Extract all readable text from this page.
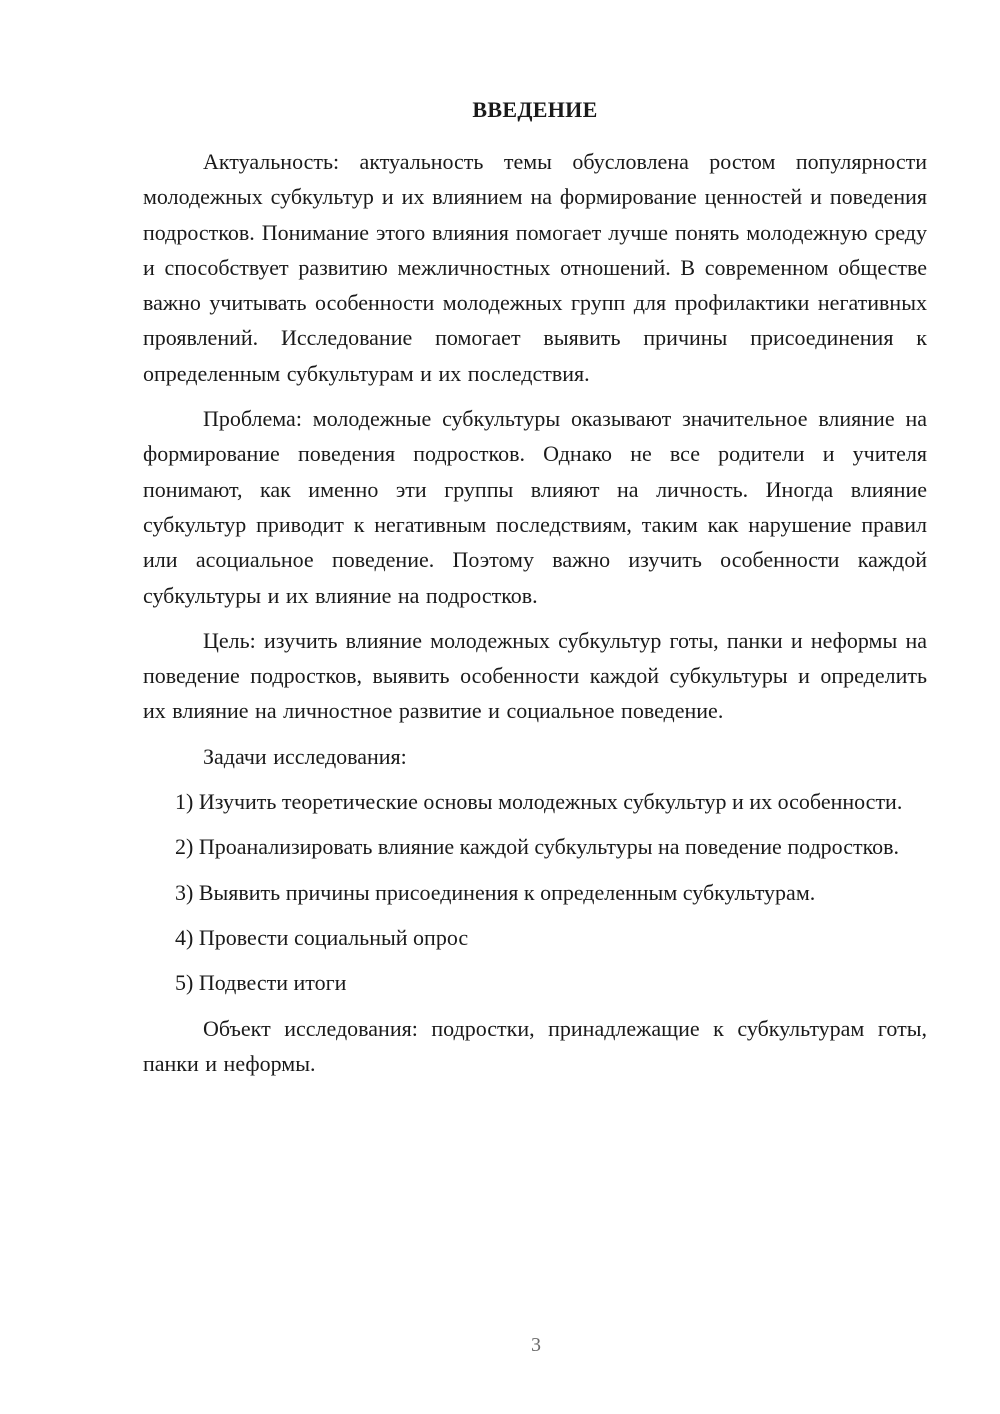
ВВЕДЕНИЕ

Актуальность: актуальность темы обусловлена ростом популярности молодежных субкультур и их влиянием на формирование ценностей и поведения подростков. Понимание этого влияния помогает лучше понять молодежную среду и способствует развитию межличностных отношений. В современном обществе важно учитывать особенности молодежных групп для профилактики негативных проявлений. Исследование помогает выявить причины присоединения к определенным субкультурам и их последствия.

Проблема: молодежные субкультуры оказывают значительное влияние на формирование поведения подростков. Однако не все родители и учителя понимают, как именно эти группы влияют на личность. Иногда влияние субкультур приводит к негативным последствиям, таким как нарушение правил или асоциальное поведение. Поэтому важно изучить особенности каждой субкультуры и их влияние на подростков.

Цель: изучить влияние молодежных субкультур готы, панки и неформы на поведение подростков, выявить особенности каждой субкультуры и определить их влияние на личностное развитие и социальное поведение.

Задачи исследования:

1) Изучить теоретические основы молодежных субкультур и их особенности.

2) Проанализировать влияние каждой субкультуры на поведение подростков.

3) Выявить причины присоединения к определенным субкультурам.

4) Провести социальный опрос

5) Подвести итоги

Объект исследования: подростки, принадлежащие к субкультурам готы, панки и неформы.

3
